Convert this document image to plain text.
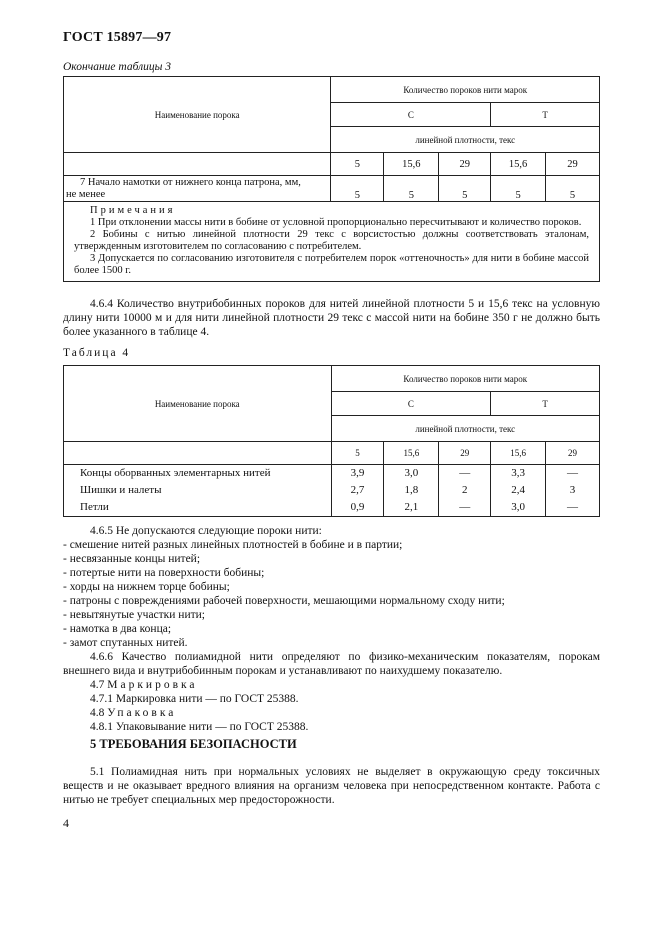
ГОСТ 15897—97
Окончание таблицы 3
Наименование порока	Количество пороков нити марок				
	С			Т	
	линейной плотности, текс				
	5	15,6	29	15,6	29

7 Начало намотки от нижнего конца патрона, мм,
не менее	5	5	5	5	5

Примечания

1 При отклонении массы нити в бобине от условной пропорционально пересчитывают и количество пороков.

2 Бобины с нитью линейной плотности 29 текс с ворсистостью должны соответствовать эталонам, утвержденным изготовителем по согласованию с потребителем.

3 Допускается по согласованию изготовителя с потребителем порок «оттеночность» для нити в бобине массой более 1500 г.					

4.6.4 Количество внутрибобинных пороков для нитей линейной плотности 5 и 15,6 текс на условную длину нити 10000 м и для нити линейной плотности 29 текс с массой нити на бобине 350 г не должно быть более указанного в таблице 4.

Таблица 4
Наименование порока	Количество пороков нити марок				
	С			Т	
	линейной плотности, текс				
	5	15,6	29	15,6	29
Концы оборванных элементарных нитей	3,9	3,0	—	3,3	—
Шишки и налеты	2,7	1,8	2	2,4	3
Петли	0,9	2,1	—	3,0	—

4.6.5 Не допускаются следующие пороки нити:

- смешение нитей разных линейных плотностей в бобине и в партии;

- несвязанные концы нитей;

- потертые нити на поверхности бобины;

- хорды на нижнем торце бобины;

- патроны с повреждениями рабочей поверхности, мешающими нормальному сходу нити;

- невытянутые участки нити;

- намотка в два конца;

- замот спутанных нитей.

4.6.6 Качество полиамидной нити определяют по физико-механическим показателям, порокам внешнего вида и внутрибобинным порокам и устанавливают по наихудшему показателю.

4.7 Маркировка

4.7.1 Маркировка нити — по ГОСТ 25388.

4.8 Упаковка

4.8.1 Упаковывание нити — по ГОСТ 25388.

5 ТРЕБОВАНИЯ БЕЗОПАСНОСТИ

5.1 Полиамидная нить при нормальных условиях не выделяет в окружающую среду токсичных веществ и не оказывает вредного влияния на организм человека при непосредственном контакте. Работа с нитью не требует специальных мер предосторожности.

4
